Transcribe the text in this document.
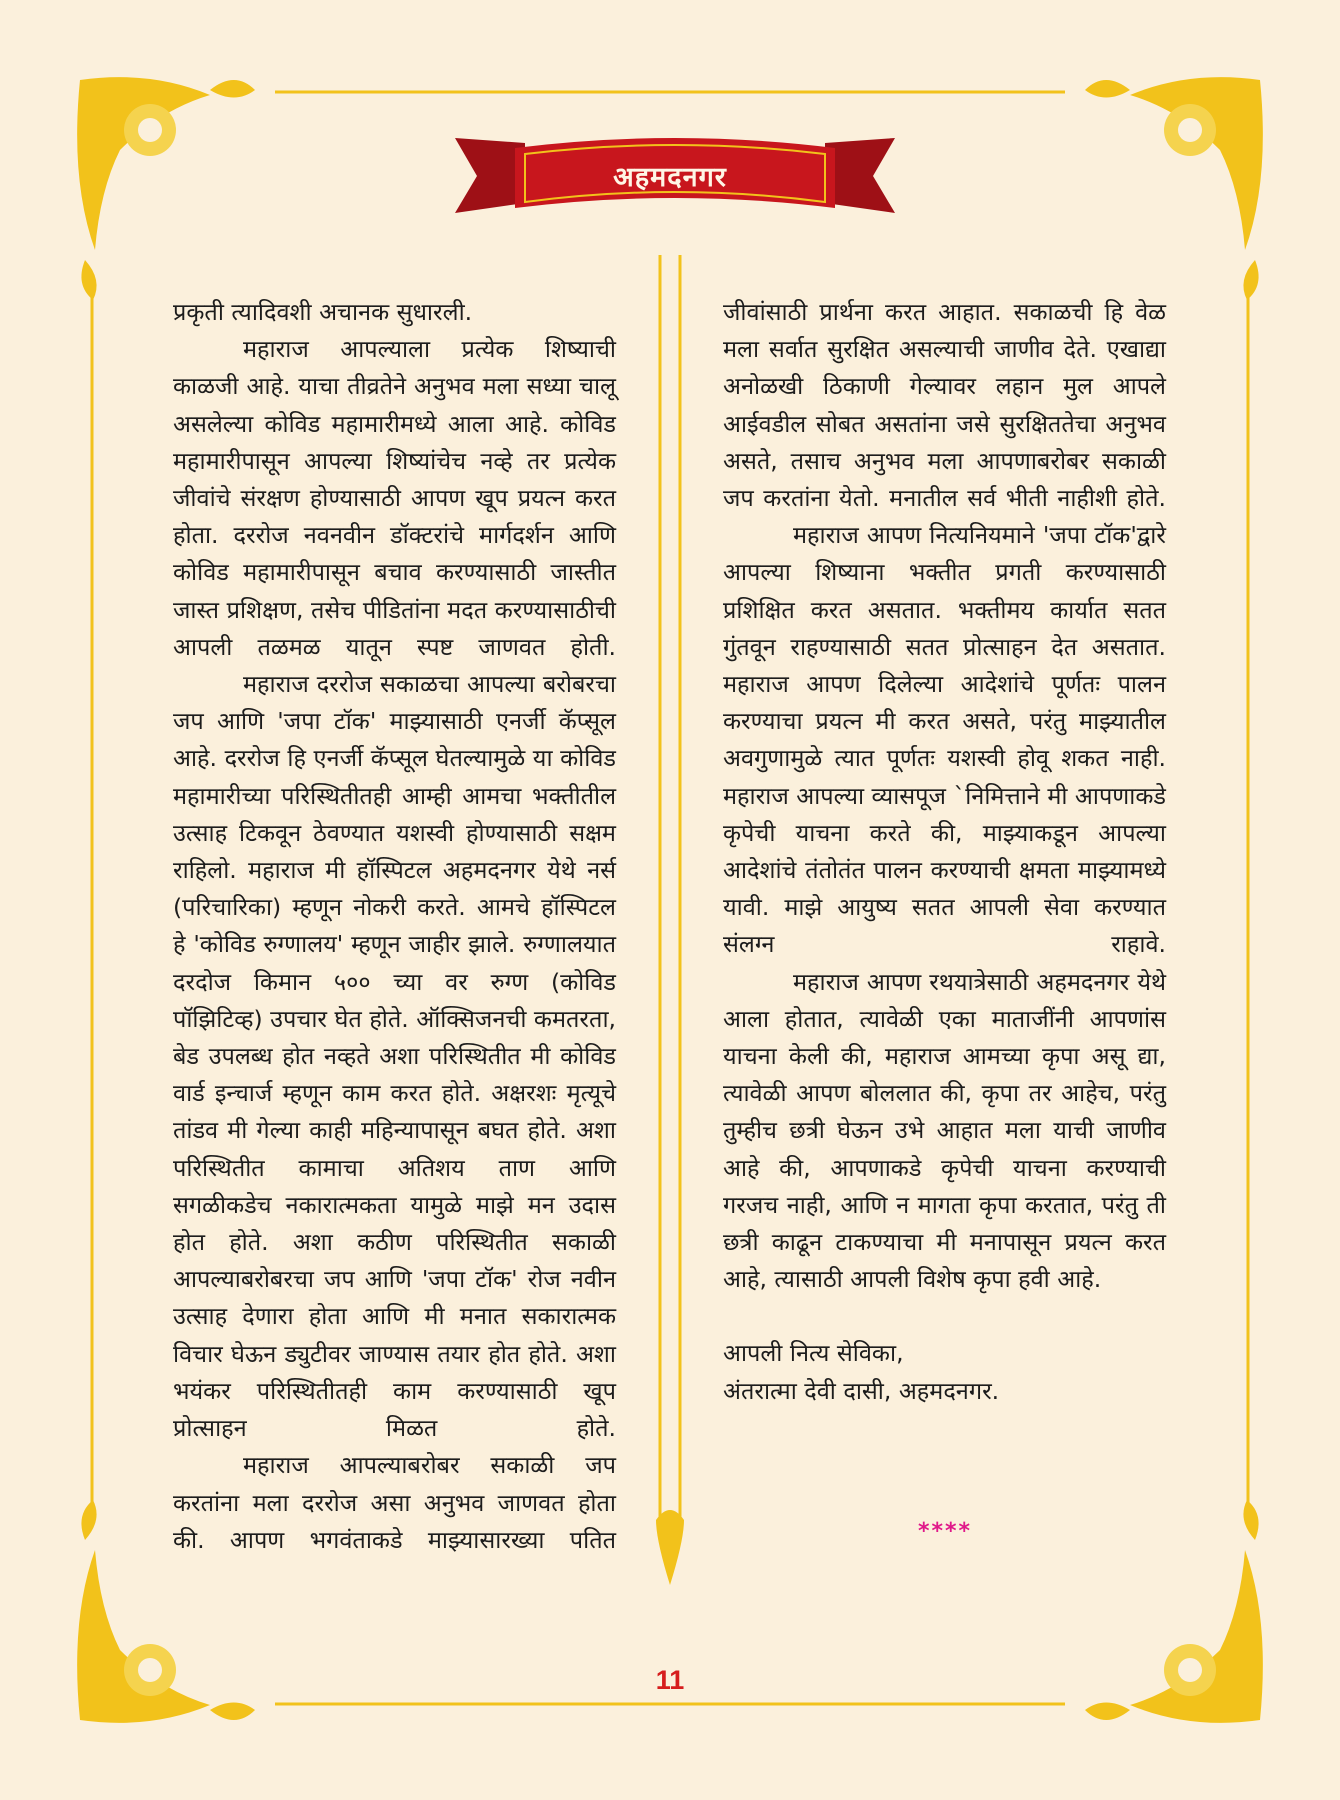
अहमदनगर

प्रकृती त्यादिवशी अचानक सुधारली.

महाराज आपल्याला प्रत्येक शिष्याची काळजी आहे. याचा तीव्रतेने अनुभव मला सध्या चालू असलेल्या कोविड महामारीमध्ये आला आहे. कोविड महामारीपासून आपल्या शिष्यांचेच नव्हे तर प्रत्येक जीवांचे संरक्षण होण्यासाठी आपण खूप प्रयत्न करत होता. दररोज नवनवीन डॉक्टरांचे मार्गदर्शन आणि कोविड महामारीपासून बचाव करण्यासाठी जास्तीत जास्त प्रशिक्षण, तसेच पीडितांना मदत करण्यासाठीची आपली तळमळ यातून स्पष्ट जाणवत होती.

महाराज दररोज सकाळचा आपल्या बरोबरचा जप आणि 'जपा टॉक' माझ्यासाठी एनर्जी कॅप्सूल आहे. दररोज हि एनर्जी कॅप्सूल घेतल्यामुळे या कोविड महामारीच्या परिस्थितीतही आम्ही आमचा भक्तीतील उत्साह टिकवून ठेवण्यात यशस्वी होण्यासाठी सक्षम राहिलो. महाराज मी हॉस्पिटल अहमदनगर येथे नर्स (परिचारिका) म्हणून नोकरी करते. आमचे हॉस्पिटल हे 'कोविड रुग्णालय' म्हणून जाहीर झाले. रुग्णालयात दरदोज किमान ५०० च्या वर रुग्ण (कोविड पॉझिटिव्ह) उपचार घेत होते. ऑक्सिजनची कमतरता, बेड उपलब्ध होत नव्हते अशा परिस्थितीत मी कोविड वार्ड इन्चार्ज म्हणून काम करत होते. अक्षरशः मृत्यूचे तांडव मी गेल्या काही महिन्यापासून बघत होते. अशा परिस्थितीत कामाचा अतिशय ताण आणि सगळीकडेच नकारात्मकता यामुळे माझे मन उदास होत होते. अशा कठीण परिस्थितीत सकाळी आपल्याबरोबरचा जप आणि 'जपा टॉक' रोज नवीन उत्साह देणारा होता आणि मी मनात सकारात्मक विचार घेऊन ड्युटीवर जाण्यास तयार होत होते. अशा भयंकर परिस्थितीतही काम करण्यासाठी खूप प्रोत्साहन मिळत होते.

महाराज आपल्याबरोबर सकाळी जप करतांना मला दररोज असा अनुभव जाणवत होता की. आपण भगवंताकडे माझ्यासारख्या पतित

जीवांसाठी प्रार्थना करत आहात. सकाळची हि वेळ मला सर्वात सुरक्षित असल्याची जाणीव देते. एखाद्या अनोळखी ठिकाणी गेल्यावर लहान मुल आपले आईवडील सोबत असतांना जसे सुरक्षिततेचा अनुभव असते, तसाच अनुभव मला आपणाबरोबर सकाळी जप करतांना येतो. मनातील सर्व भीती नाहीशी होते.

महाराज आपण नित्यनियमाने 'जपा टॉक'द्वारे आपल्या शिष्याना भक्तीत प्रगती करण्यासाठी प्रशिक्षित करत असतात. भक्तीमय कार्यात सतत गुंतवून राहण्यासाठी सतत प्रोत्साहन देत असतात. महाराज आपण दिलेल्या आदेशांचे पूर्णतः पालन करण्याचा प्रयत्न मी करत असते, परंतु माझ्यातील अवगुणामुळे त्यात पूर्णतः यशस्वी होवू शकत नाही. महाराज आपल्या व्यासपूज `निमित्ताने मी आपणाकडे कृपेची याचना करते की, माझ्याकडून आपल्या आदेशांचे तंतोतंत पालन करण्याची क्षमता माझ्यामध्ये यावी. माझे आयुष्य सतत आपली सेवा करण्यात संलग्न राहावे.

महाराज आपण रथयात्रेसाठी अहमदनगर येथे आला होतात, त्यावेळी एका माताजींनी आपणांस याचना केली की, महाराज आमच्या कृपा असू द्या, त्यावेळी आपण बोललात की, कृपा तर आहेच, परंतु तुम्हीच छत्री घेऊन उभे आहात मला याची जाणीव आहे की, आपणाकडे कृपेची याचना करण्याची गरजच नाही, आणि न मागता कृपा करतात, परंतु ती छत्री काढून टाकण्याचा मी मनापासून प्रयत्न करत आहे, त्यासाठी आपली विशेष कृपा हवी आहे.

आपली नित्य सेविका,

अंतरात्मा देवी दासी, अहमदनगर.

****
11
